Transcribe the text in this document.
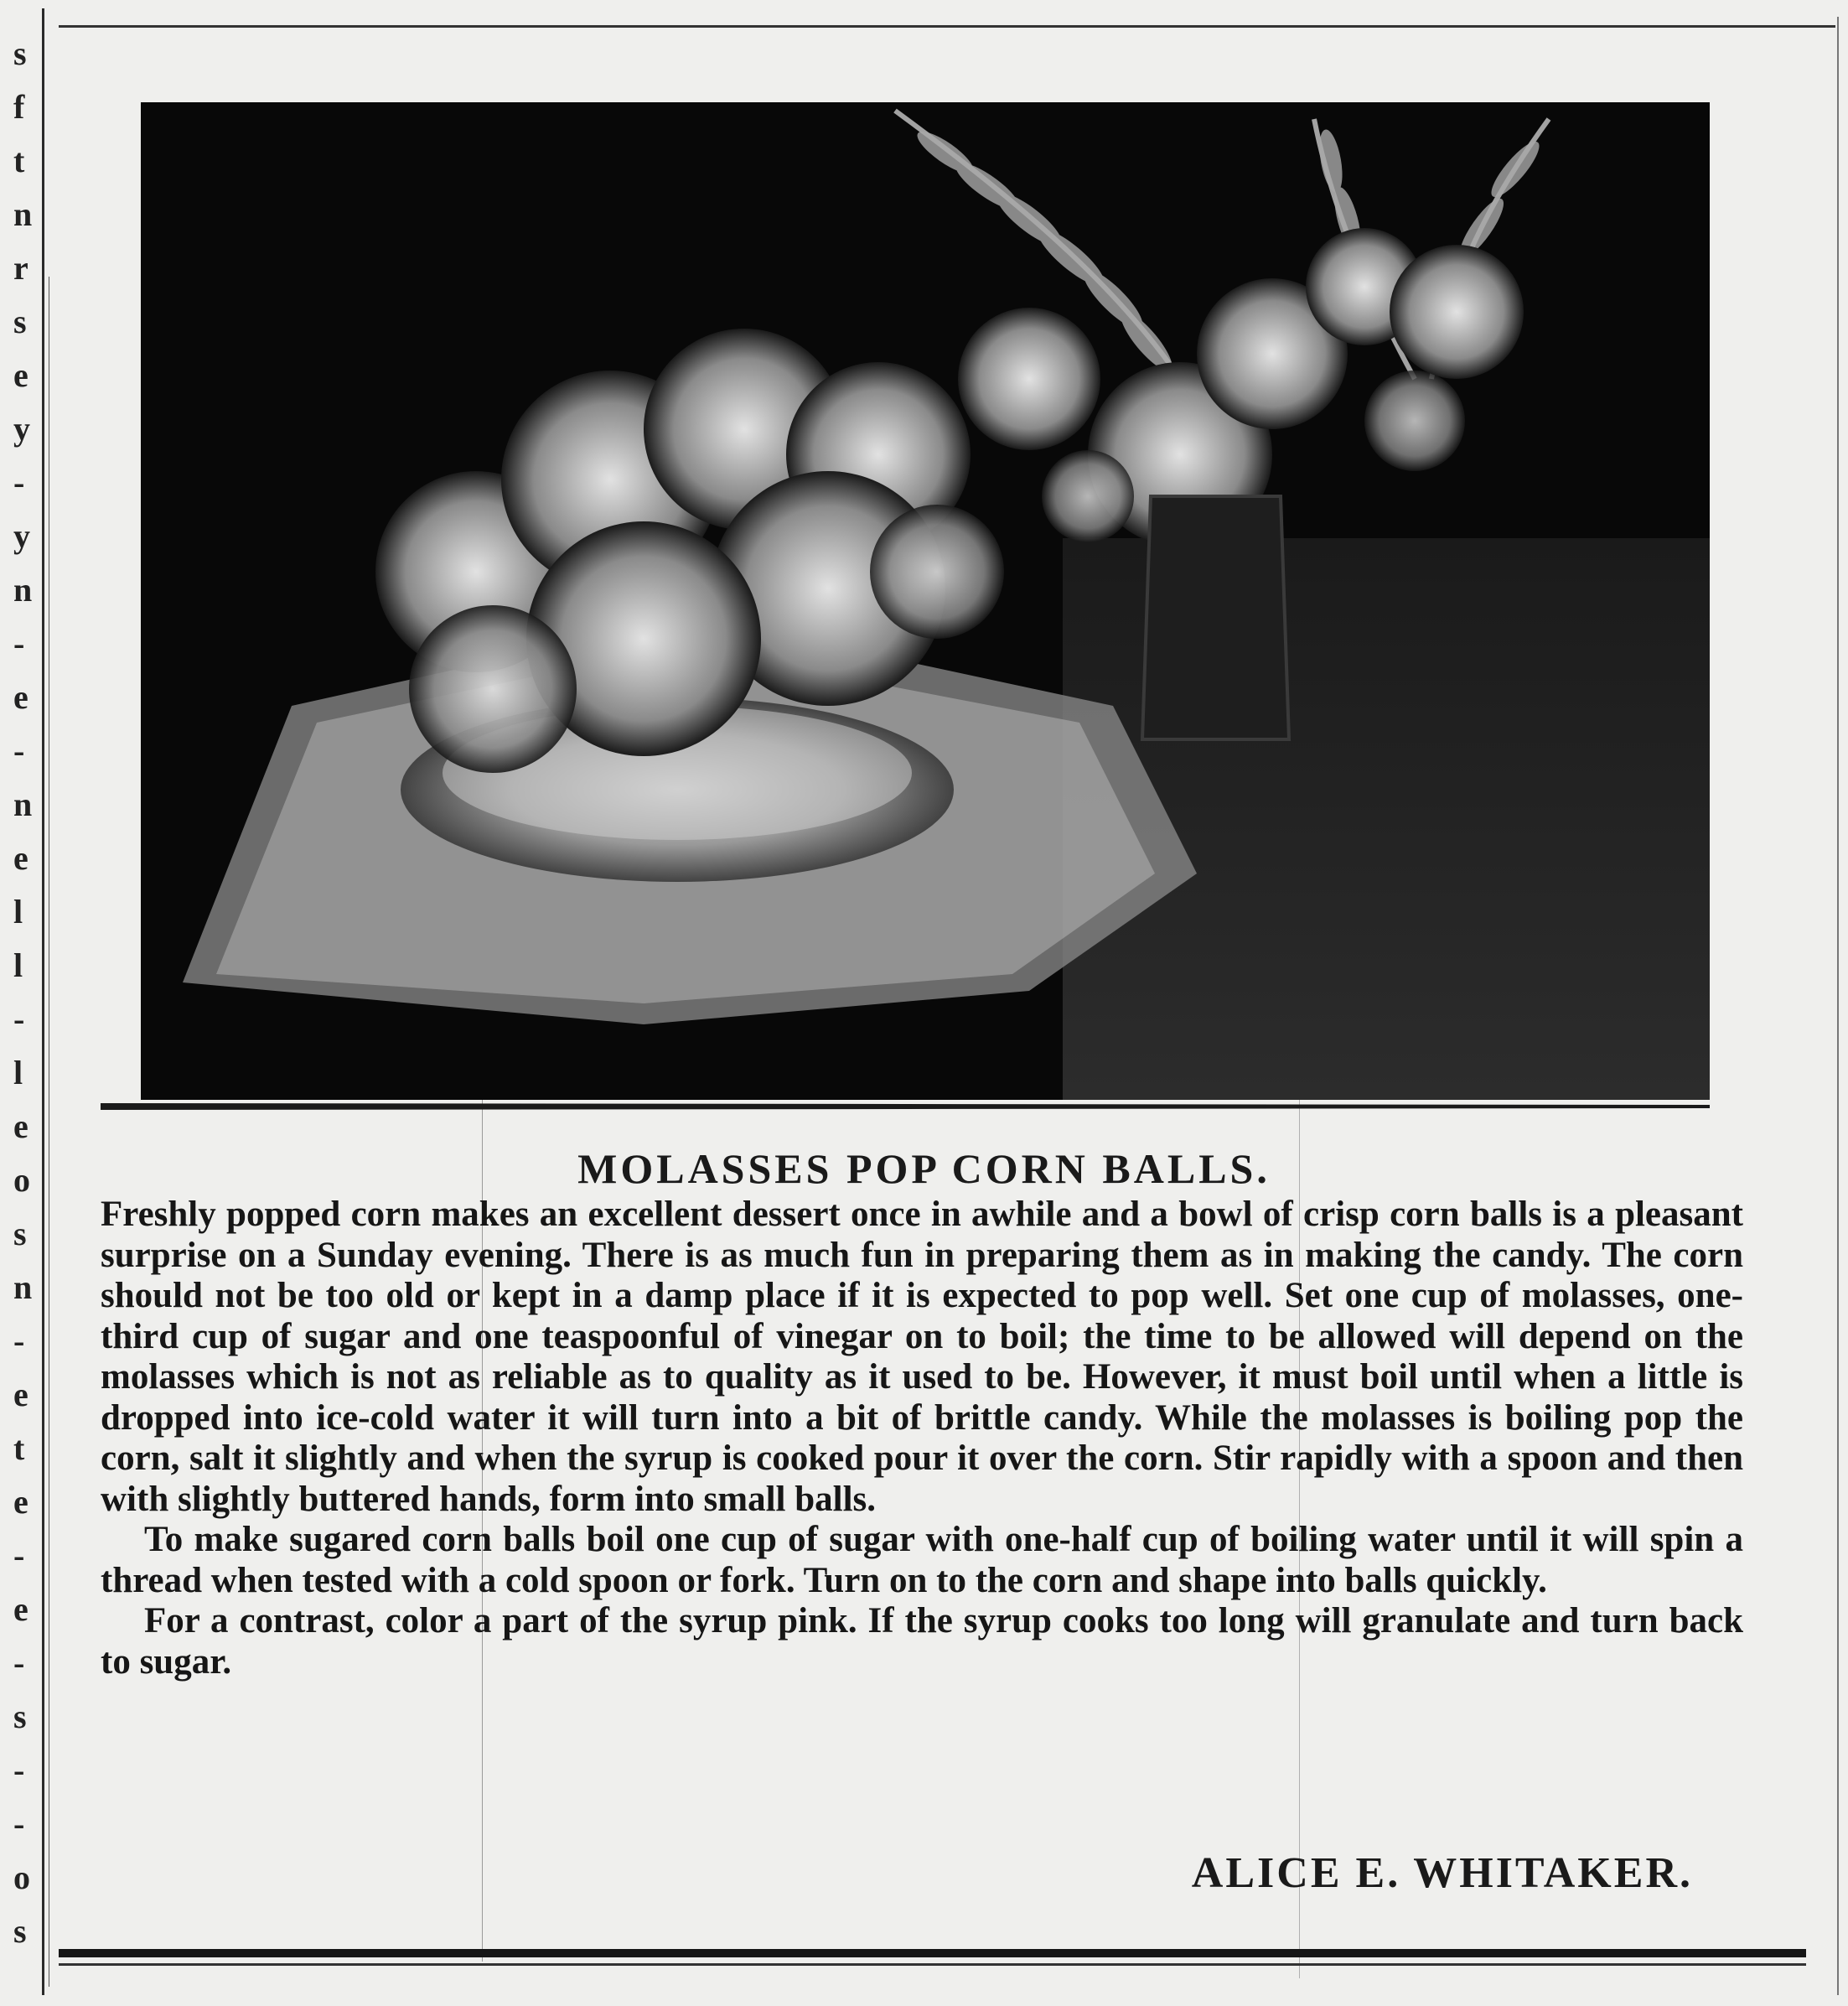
s
f
t
n
r
s
e
y
-
y
n
-
e
-
n
e
l
l
-
l
e
o
s
n
-
e
t
e
-
e
-
s
-
-
o
s
MOLASSES POP CORN BALLS.

Freshly popped corn makes an excellent dessert once in awhile and a bowl of crisp corn balls is a pleasant surprise on a Sunday evening. There is as much fun in preparing them as in making the candy. The corn should not be too old or kept in a damp place if it is expected to pop well. Set one cup of molasses, one-third cup of sugar and one teaspoonful of vinegar on to boil; the time to be allowed will depend on the molasses which is not as reliable as to quality as it used to be. However, it must boil until when a little is dropped into ice-cold water it will turn into a bit of brittle candy. While the molasses is boiling pop the corn, salt it slightly and when the syrup is cooked pour it over the corn. Stir rapidly with a spoon and then with slightly buttered hands, form into small balls.

To make sugared corn balls boil one cup of sugar with one-half cup of boiling water until it will spin a thread when tested with a cold spoon or fork. Turn on to the corn and shape into balls quickly.

For a contrast, color a part of the syrup pink. If the syrup cooks too long will granulate and turn back to sugar.

ALICE E. WHITAKER.
